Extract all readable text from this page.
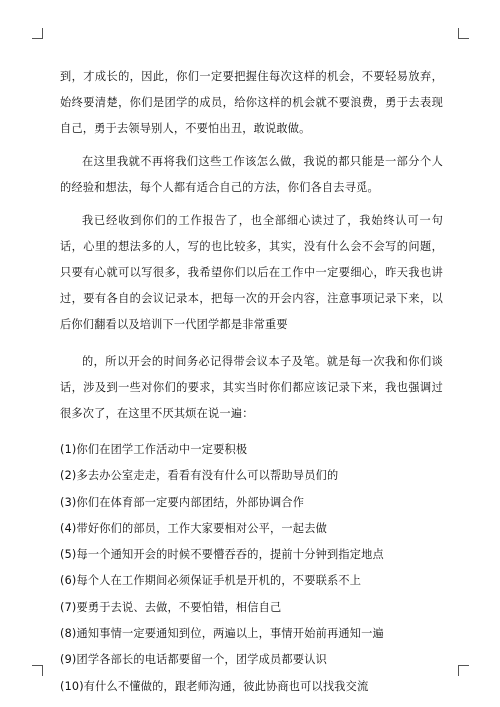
到，才成长的，因此，你们一定要把握住每次这样的机会，不要轻易放弃，始终要清楚，你们是团学的成员，给你这样的机会就不要浪费，勇于去表现自己，勇于去领导别人，不要怕出丑，敢说敢做。

在这里我就不再将我们这些工作该怎么做，我说的都只能是一部分个人的经验和想法，每个人都有适合自己的方法，你们各自去寻觅。

我已经收到你们的工作报告了，也全部细心读过了，我始终认可一句话，心里的想法多的人，写的也比较多，其实，没有什么会不会写的问题，只要有心就可以写很多，我希望你们以后在工作中一定要细心，昨天我也讲过，要有各自的会议记录本，把每一次的开会内容，注意事项记录下来，以后你们翻看以及培训下一代团学都是非常重要

的，所以开会的时间务必记得带会议本子及笔。就是每一次我和你们谈话，涉及到一些对你们的要求，其实当时你们都应该记录下来，我也强调过很多次了，在这里不厌其烦在说一遍：

(1)你们在团学工作活动中一定要积极
(2)多去办公室走走，看看有没有什么可以帮助导员们的
(3)你们在体育部一定要内部团结，外部协调合作
(4)带好你们的部员，工作大家要相对公平，一起去做
(5)每一个通知开会的时候不要懵吞吞的，提前十分钟到指定地点
(6)每个人在工作期间必须保证手机是开机的，不要联系不上
(7)要勇于去说、去做，不要怕错，相信自己
(8)通知事情一定要通知到位，两遍以上，事情开始前再通知一遍
(9)团学各部长的电话都要留一个，团学成员都要认识
(10)有什么不懂做的，跟老师沟通，彼此协商也可以找我交流
